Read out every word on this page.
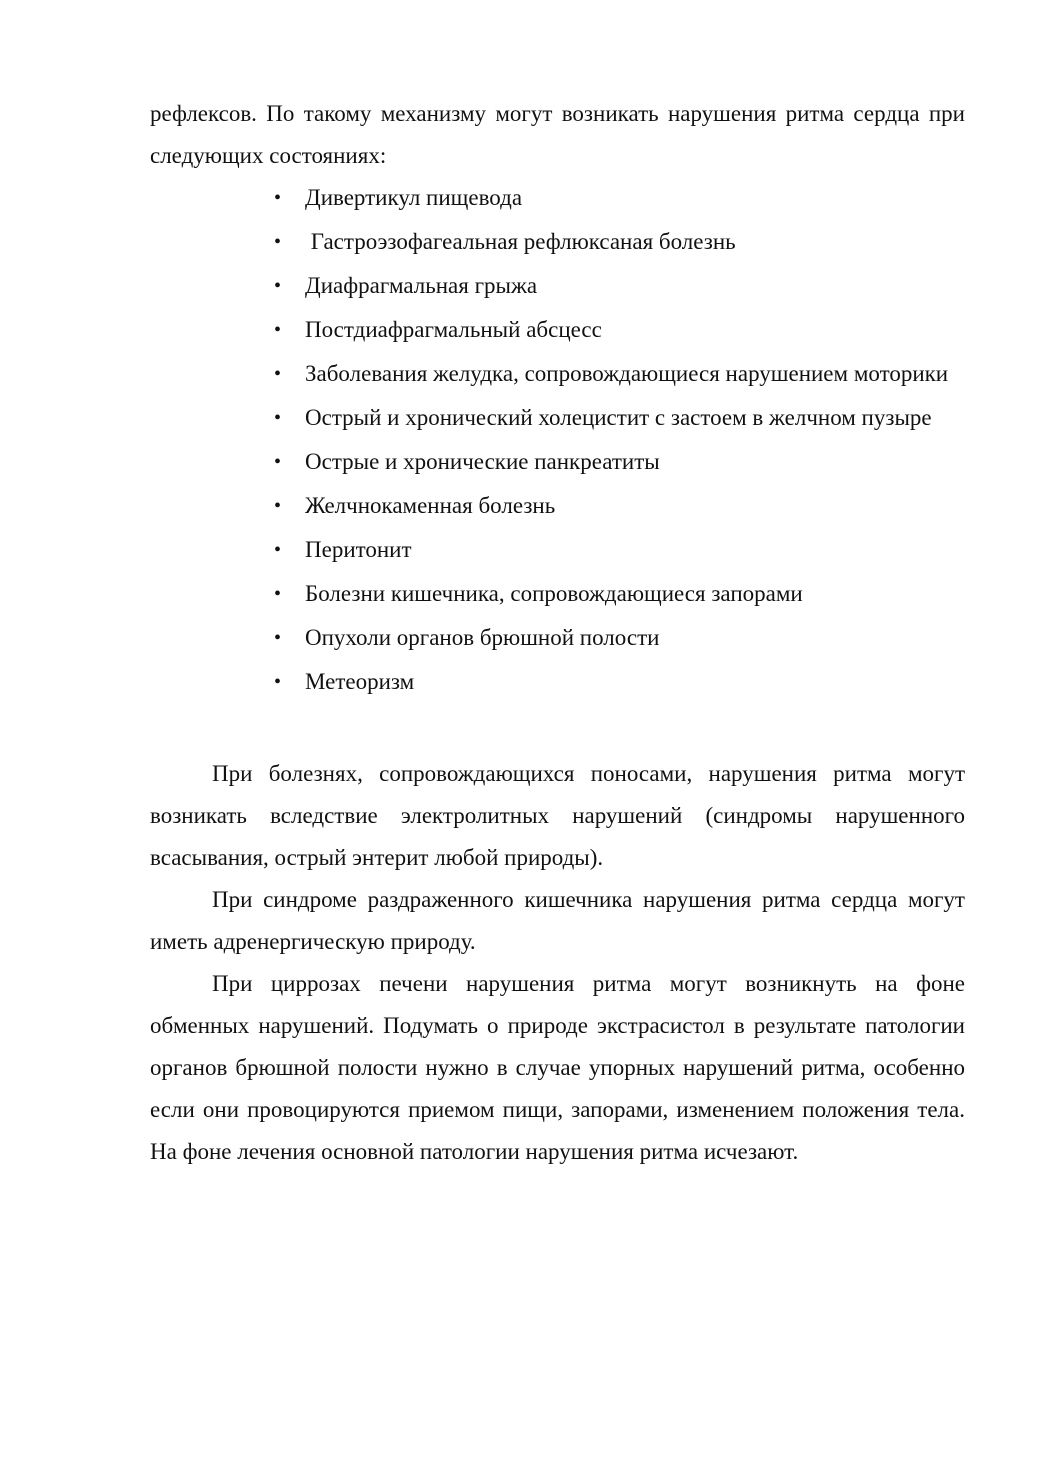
рефлексов. По такому механизму могут возникать нарушения ритма сердца при следующих состояниях:

• Дивертикул пищевода
• Гастроэзофагеальная рефлюксаная болезнь
• Диафрагмальная грыжа
• Постдиафрагмальный абсцесс
• Заболевания желудка, сопровождающиеся нарушением моторики
• Острый и хронический холецистит с застоем в желчном пузыре
• Острые и хронические панкреатиты
• Желчнокаменная болезнь
• Перитонит
• Болезни кишечника, сопровождающиеся запорами
• Опухоли органов брюшной полости
• Метеоризм

При болезнях, сопровождающихся поносами, нарушения ритма могут возникать вследствие электролитных нарушений (синдромы нарушенного всасывания, острый энтерит любой природы).

При синдроме раздраженного кишечника нарушения ритма сердца могут иметь адренергическую природу.

При циррозах печени нарушения ритма могут возникнуть на фоне обменных нарушений. Подумать о природе экстрасистол в результате патологии органов брюшной полости нужно в случае упорных нарушений ритма, особенно если они провоцируются приемом пищи, запорами, изменением положения тела. На фоне лечения основной патологии нарушения ритма исчезают.
